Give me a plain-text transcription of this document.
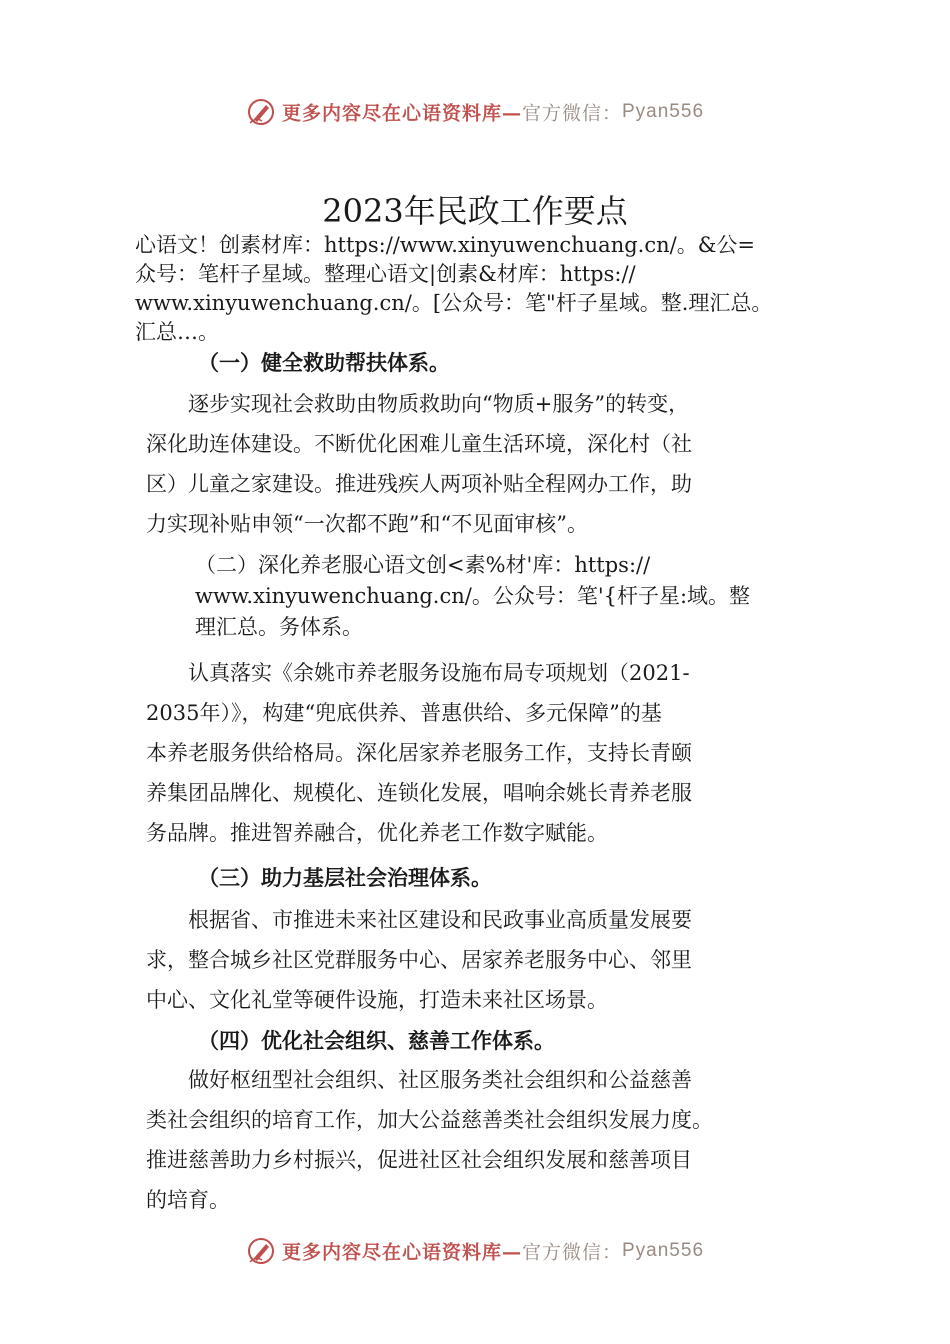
更多内容尽在心语资料库—官方微信：Pyan556
2023年民政工作要点
心语文！创素材库：https://www.xinyuwenchuang.cn/。&公=
众号：笔杆子星域。整理心语文|创素&材库：https://
www.xinyuwenchuang.cn/。[公众号：笔"杆子星域。整.理汇总。
汇总…。
（一）健全救助帮扶体系。
　　逐步实现社会救助由物质救助向“物质+服务”的转变，
深化助连体建设。不断优化困难儿童生活环境，深化村（社
区）儿童之家建设。推进残疾人两项补贴全程网办工作，助
力实现补贴申领“一次都不跑”和“不见面审核”。
（二）深化养老服心语文创<素%材'库：https://
www.xinyuwenchuang.cn/。公众号：笔'{杆子星:域。整
理汇总。务体系。
　　认真落实《余姚市养老服务设施布局专项规划（2021-
2035年）》，构建“兜底供养、普惠供给、多元保障”的基
本养老服务供给格局。深化居家养老服务工作，支持长青颐
养集团品牌化、规模化、连锁化发展，唱响余姚长青养老服
务品牌。推进智养融合，优化养老工作数字赋能。
（三）助力基层社会治理体系。
　　根据省、市推进未来社区建设和民政事业高质量发展要
求，整合城乡社区党群服务中心、居家养老服务中心、邻里
中心、文化礼堂等硬件设施，打造未来社区场景。
（四）优化社会组织、慈善工作体系。
　　做好枢纽型社会组织、社区服务类社会组织和公益慈善
类社会组织的培育工作，加大公益慈善类社会组织发展力度。
推进慈善助力乡村振兴，促进社区社会组织发展和慈善项目
的培育。
更多内容尽在心语资料库—官方微信：Pyan556
